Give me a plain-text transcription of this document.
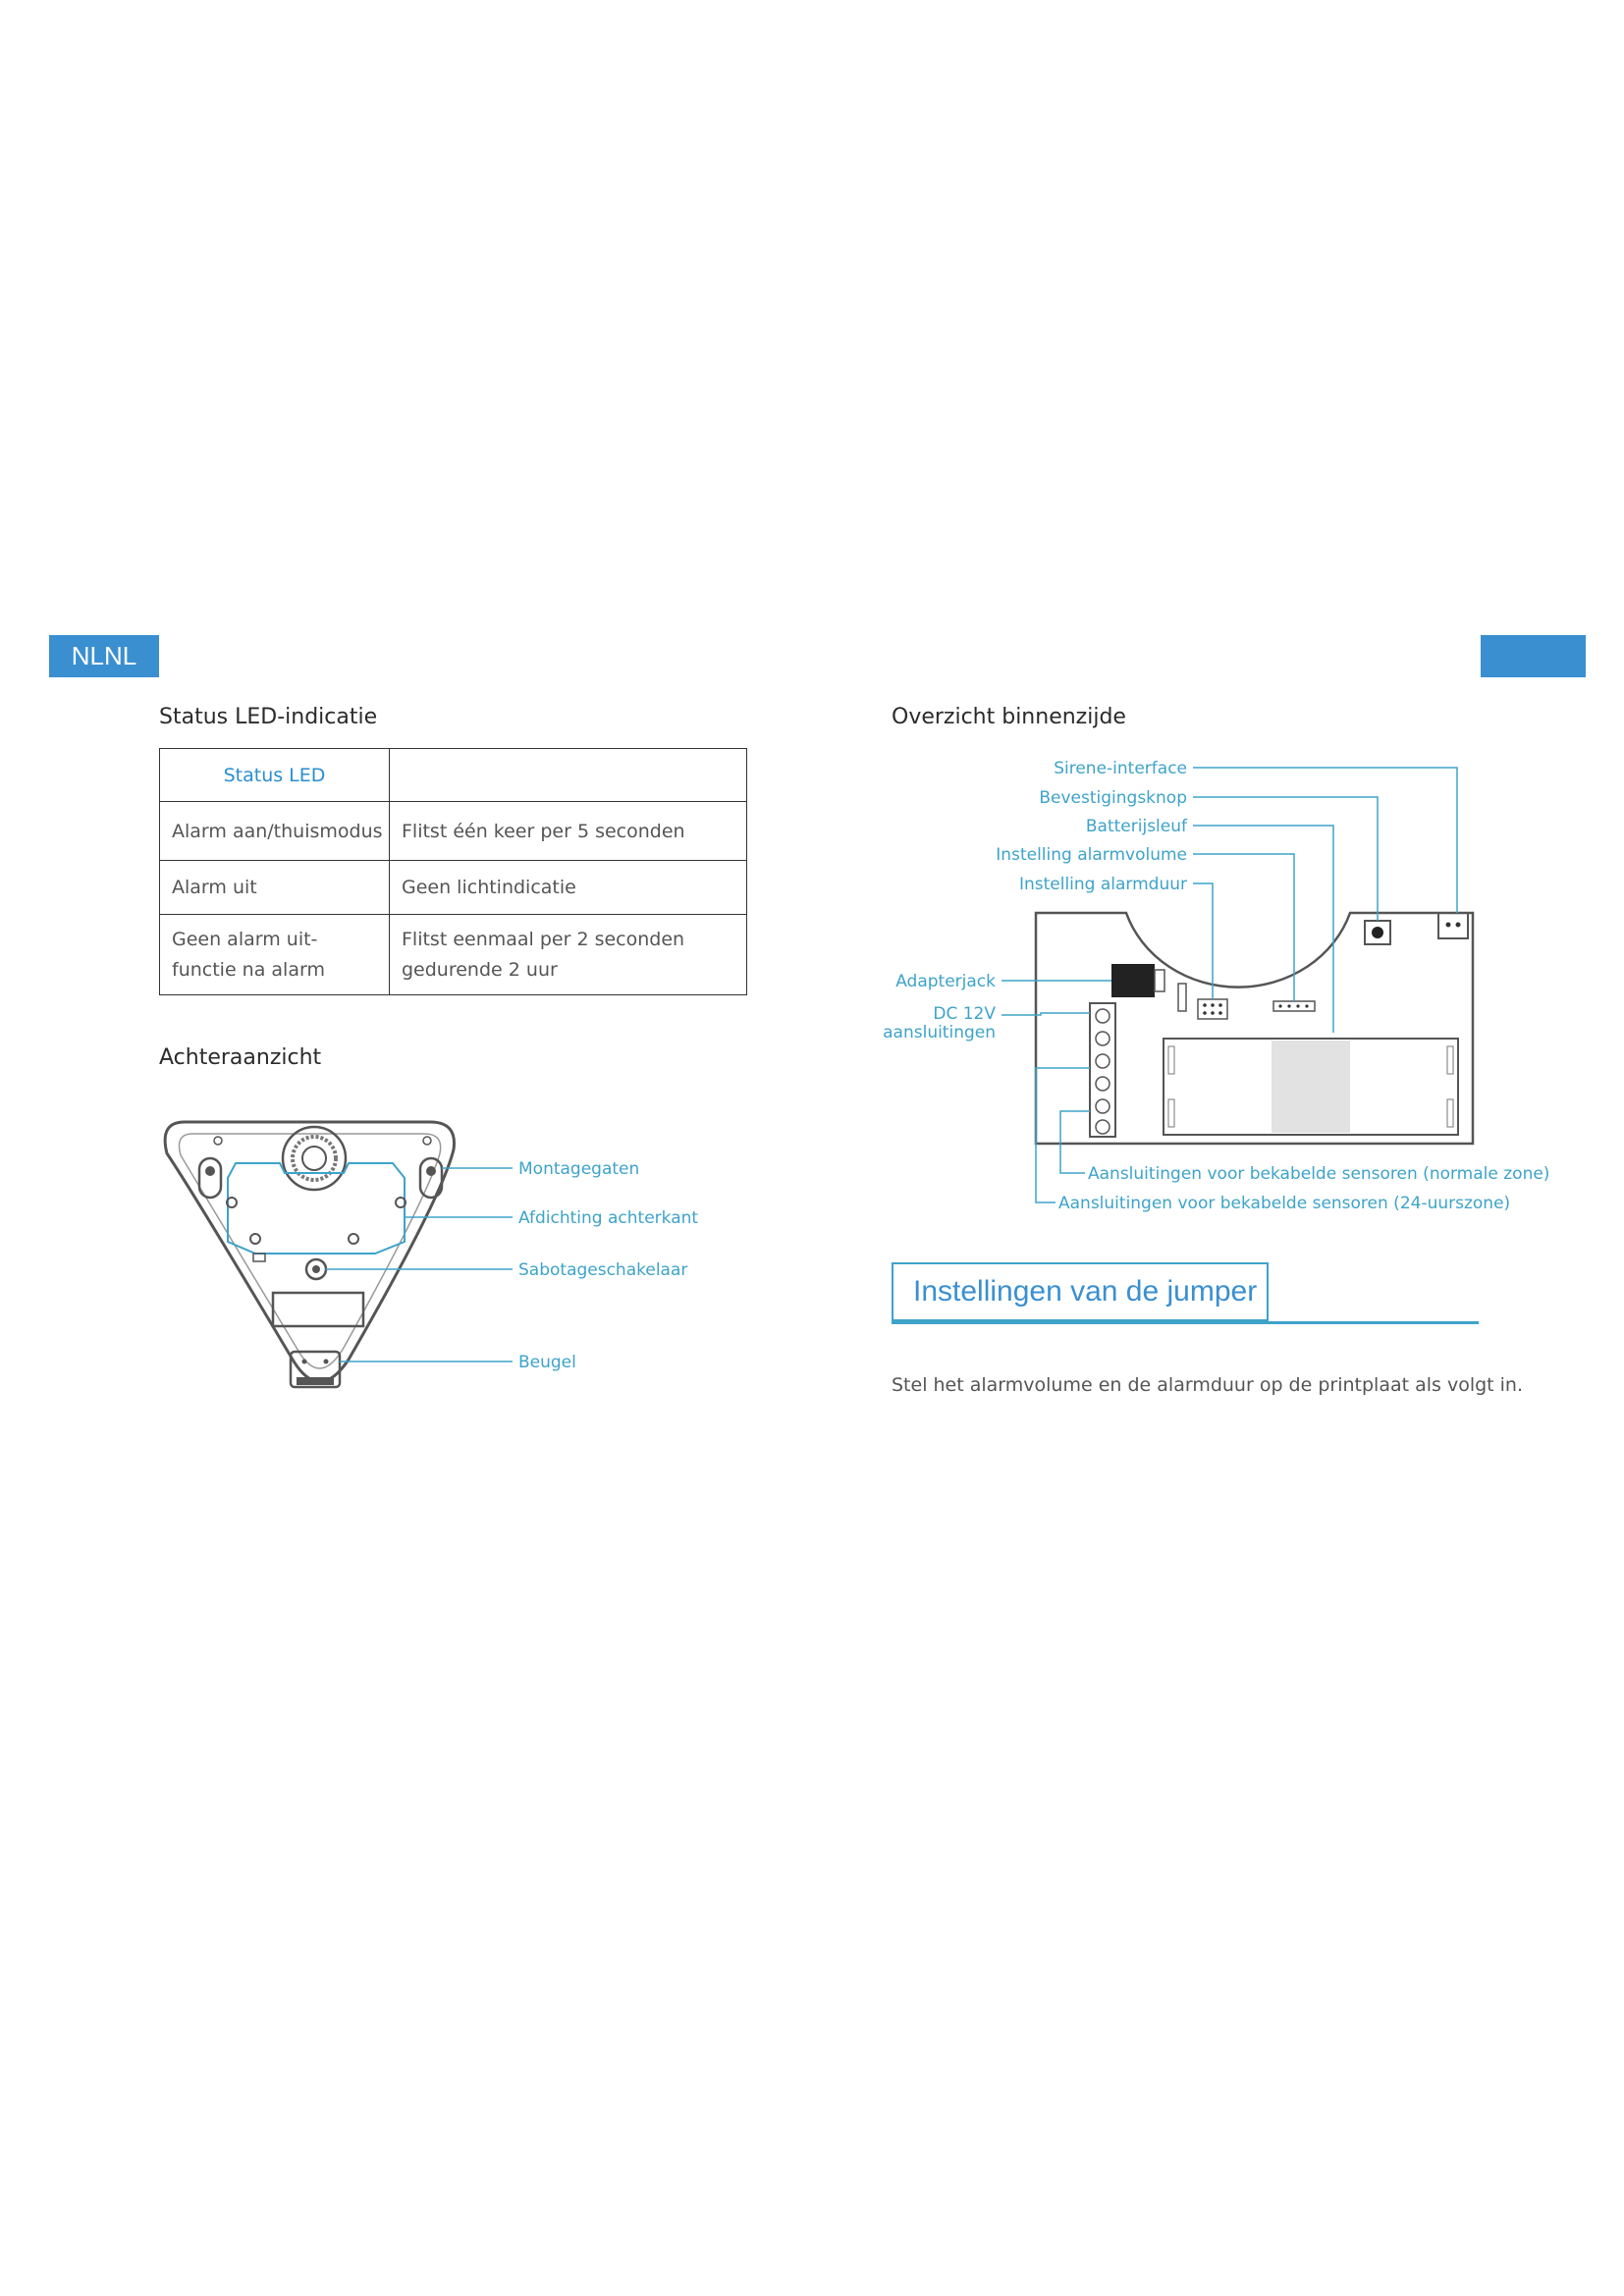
NLNL
Status LED-indicatie
Status LED	
Alarm aan/thuismodus	Flitst één keer per 5 seconden
Alarm uit	Geen lichtindicatie
Geen alarm uit-functie na alarm	Flitst eenmaal per 2 seconden gedurende 2 uur
Achteraanzicht
Montagegaten
Afdichting achterkant
Sabotageschakelaar
Beugel
Overzicht binnenzijde
Sirene-interface
Bevestigingsknop
Batterijsleuf
Instelling alarmvolume
Instelling alarmduur
Adapterjack
DC 12V
aansluitingen
Aansluitingen voor bekabelde sensoren (normale zone)
Aansluitingen voor bekabelde sensoren (24-uurszone)
Instellingen van de jumper
Stel het alarmvolume en de alarmduur op de printplaat als volgt in.
